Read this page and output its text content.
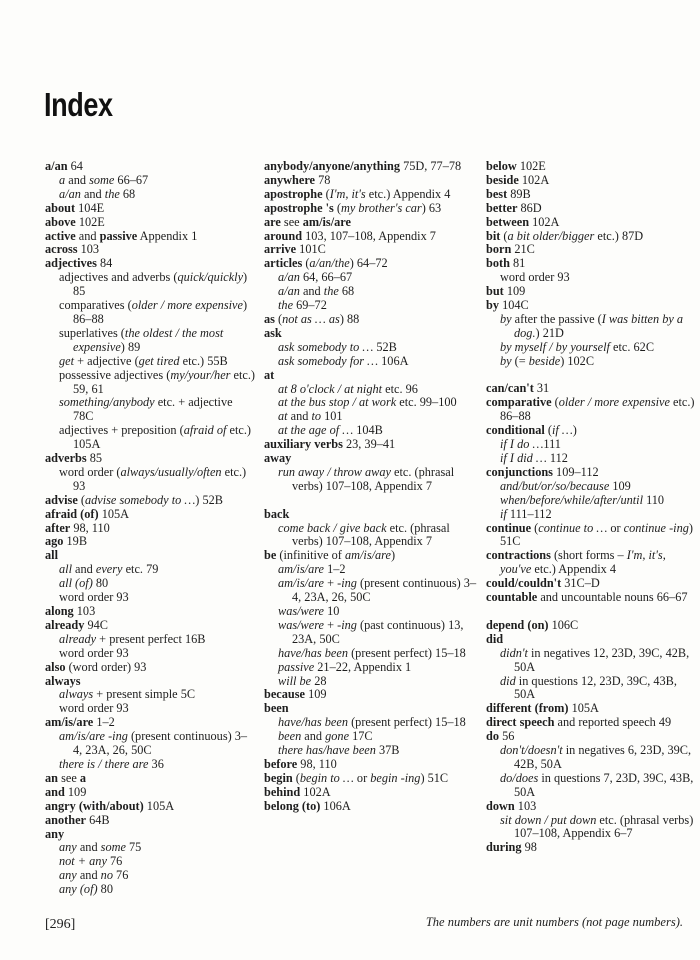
Index
a/an 64
a and some 66–67
a/an and the 68
about 104E
above 102E
active and passive Appendix 1
across 103
adjectives 84
adjectives and adverbs (quick/quickly) 85
comparatives (older / more expensive) 86–88
superlatives (the oldest / the most expensive) 89
get + adjective (get tired etc.) 55B
possessive adjectives (my/your/her etc.) 59, 61
something/anybody etc. + adjective 78C
adjectives + preposition (afraid of etc.) 105A
adverbs 85
word order (always/usually/often etc.) 93
advise (advise somebody to …) 52B
afraid (of) 105A
after 98, 110
ago 19B
all
all and every etc. 79
all (of) 80
word order 93
along 103
already 94C
already + present perfect 16B
word order 93
also (word order) 93
always
always + present simple 5C
word order 93
am/is/are 1–2
am/is/are -ing (present continuous) 3–4, 23A, 26, 50C
there is / there are 36
an see a
and 109
angry (with/about) 105A
another 64B
any
any and some 75
not + any 76
any and no 76
any (of) 80
anybody/anyone/anything 75D, 77–78
anywhere 78
apostrophe (I'm, it's etc.) Appendix 4
apostrophe 's (my brother's car) 63
are see am/is/are
around 103, 107–108, Appendix 7
arrive 101C
articles (a/an/the) 64–72
a/an 64, 66–67
a/an and the 68
the 69–72
as (not as … as) 88
ask
ask somebody to … 52B
ask somebody for … 106A
at
at 8 o'clock / at night etc. 96
at the bus stop / at work etc. 99–100
at and to 101
at the age of … 104B
auxiliary verbs 23, 39–41
away
run away / throw away etc. (phrasal verbs) 107–108, Appendix 7
back
come back / give back etc. (phrasal verbs) 107–108, Appendix 7
be (infinitive of am/is/are)
am/is/are 1–2
am/is/are + -ing (present continuous) 3–4, 23A, 26, 50C
was/were 10
was/were + -ing (past continuous) 13, 23A, 50C
have/has been (present perfect) 15–18
passive 21–22, Appendix 1
will be 28
because 109
been
have/has been (present perfect) 15–18
been and gone 17C
there has/have been 37B
before 98, 110
begin (begin to … or begin -ing) 51C
behind 102A
belong (to) 106A
below 102E
beside 102A
best 89B
better 86D
between 102A
bit (a bit older/bigger etc.) 87D
born 21C
both 81
word order 93
but 109
by 104C
by after the passive (I was bitten by a dog.) 21D
by myself / by yourself etc. 62C
by (= beside) 102C
can/can't 31
comparative (older / more expensive etc.) 86–88
conditional (if …)
if I do …111
if I did … 112
conjunctions 109–112
and/but/or/so/because 109
when/before/while/after/until 110
if 111–112
continue (continue to … or continue -ing) 51C
contractions (short forms – I'm, it's, you've etc.) Appendix 4
could/couldn't 31C–D
countable and uncountable nouns 66–67
depend (on) 106C
did
didn't in negatives 12, 23D, 39C, 42B, 50A
did in questions 12, 23D, 39C, 43B, 50A
different (from) 105A
direct speech and reported speech 49
do 56
don't/doesn't in negatives 6, 23D, 39C, 42B, 50A
do/does in questions 7, 23D, 39C, 43B, 50A
down 103
sit down / put down etc. (phrasal verbs) 107–108, Appendix 6–7
during 98
[296]	The numbers are unit numbers (not page numbers).
